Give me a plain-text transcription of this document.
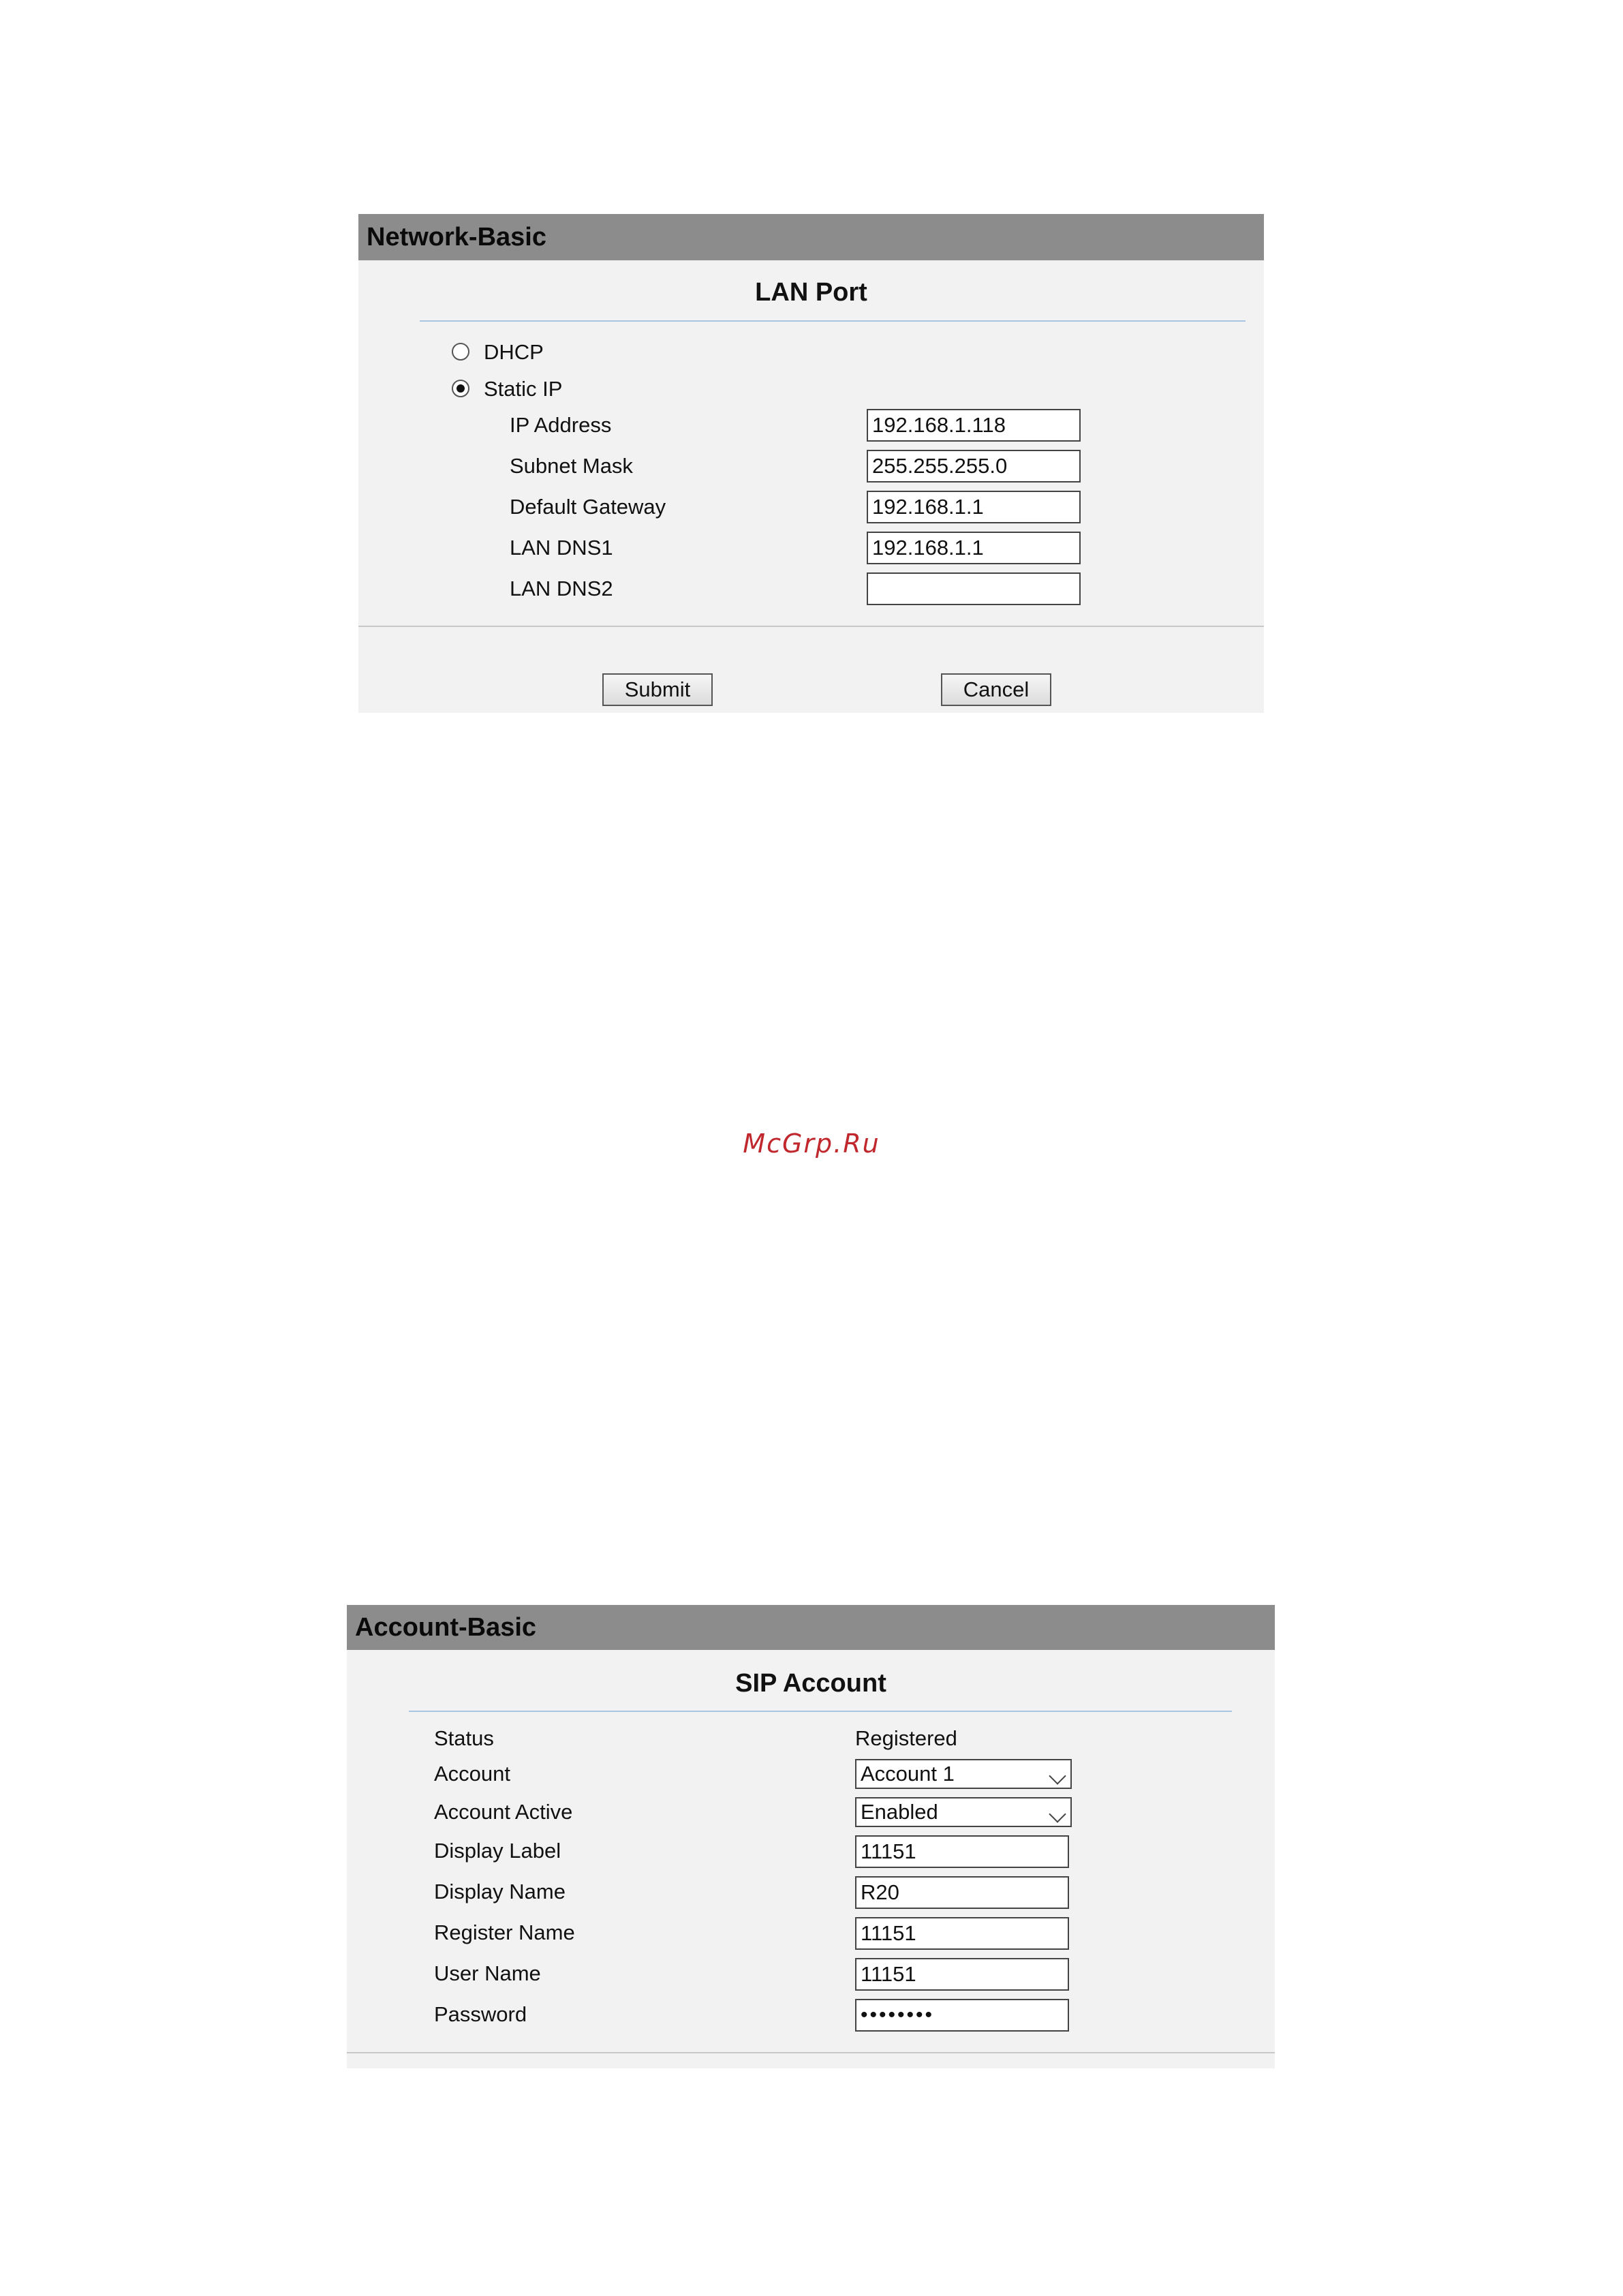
Network-Basic
LAN Port
DHCP
Static IP
IP Address	192.168.1.118
Subnet Mask	255.255.255.0
Default Gateway	192.168.1.1
LAN DNS1	192.168.1.1
LAN DNS2
Submit	Cancel
McGrp.Ru
Account-Basic
SIP Account
Status	Registered
Account	Account 1
Account Active	Enabled
Display Label	11151
Display Name	R20
Register Name	11151
User Name	11151
Password	••••••••
